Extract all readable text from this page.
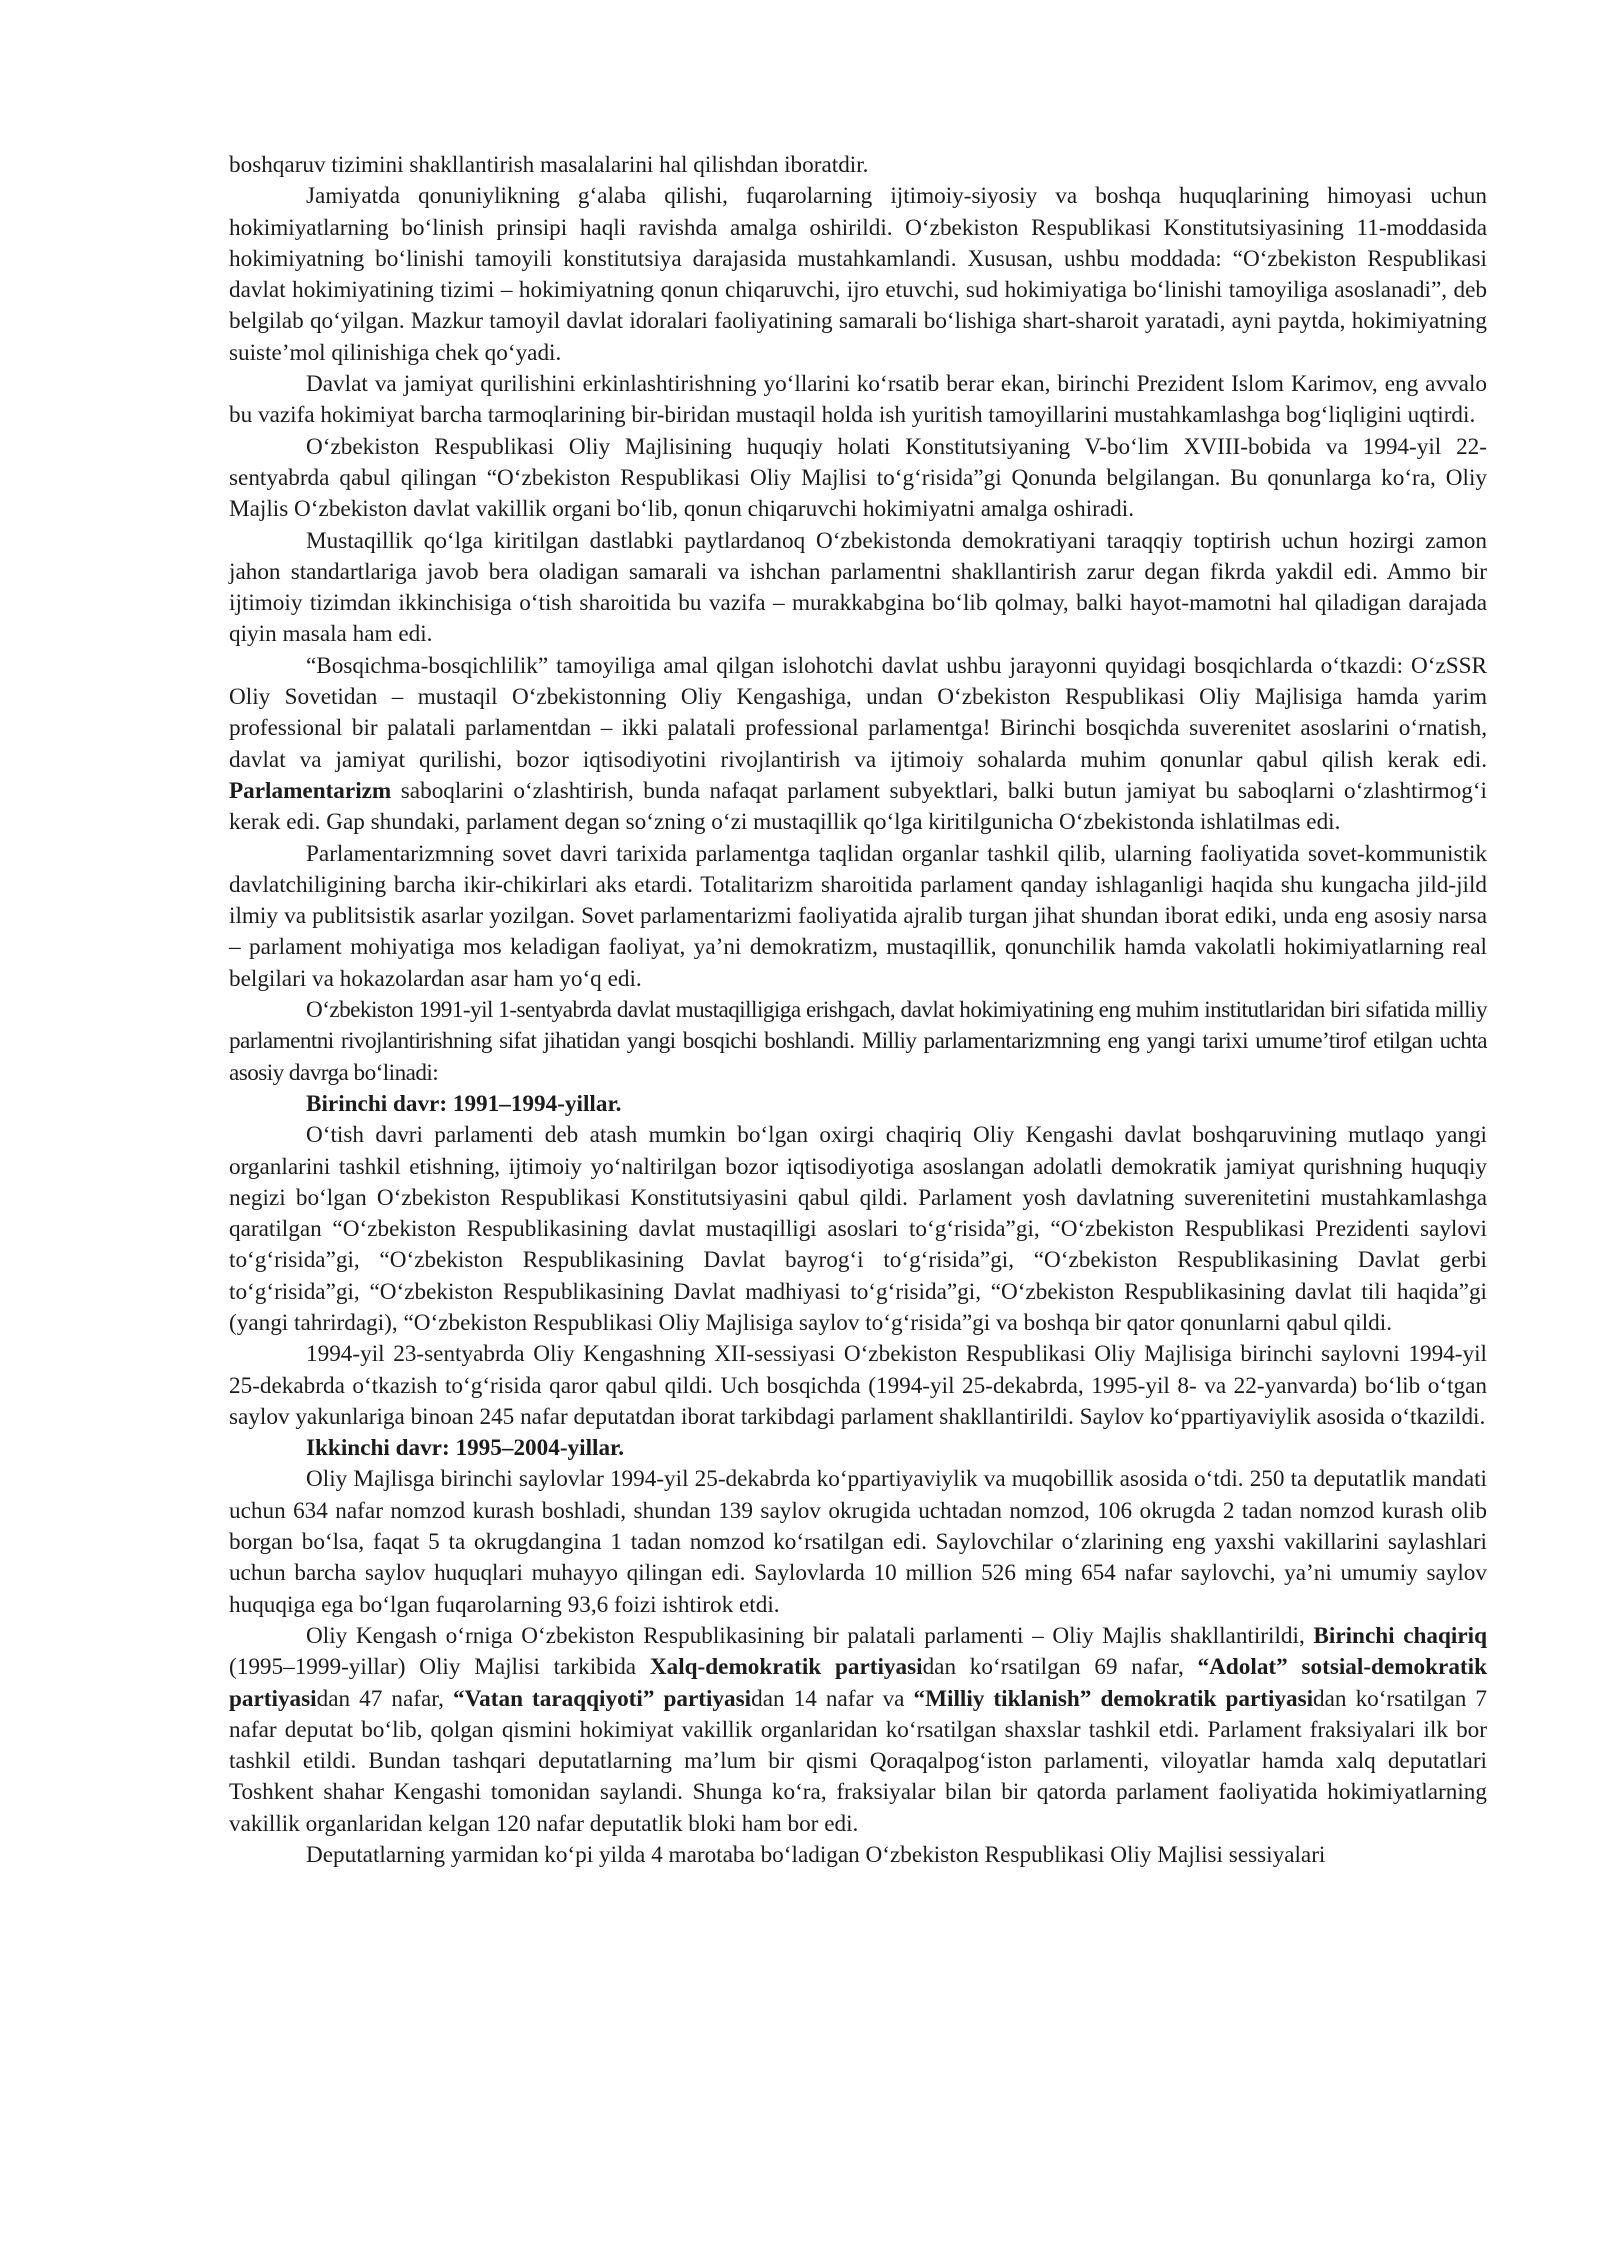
boshqaruv tizimini shakllantirish masalalarini hal qilishdan iboratdir.

Jamiyatda qonuniylikning g‘alaba qilishi, fuqarolarning ijtimoiy-siyosiy va boshqa huquqlarining himoyasi uchun hokimiyatlarning bo‘linish prinsipi haqli ravishda amalga oshirildi. O‘zbekiston Respublikasi Konstitutsiyasining 11-moddasida hokimiyatning bo‘linishi tamoyili konstitutsiya darajasida mustahkamlandi. Xususan, ushbu moddada: “O‘zbekiston Respublikasi davlat hokimiyatining tizimi – hokimiyatning qonun chiqaruvchi, ijro etuvchi, sud hokimiyatiga bo‘linishi tamoyiliga asoslanadi”, deb belgilab qo‘yilgan. Mazkur tamoyil davlat idoralari faoliyatining samarali bo‘lishiga shart-sharoit yaratadi, ayni paytda, hokimiyatning suiste’mol qilinishiga chek qo‘yadi.

Davlat va jamiyat qurilishini erkinlashtirishning yo‘llarini ko‘rsatib berar ekan, birinchi Prezident Islom Karimov, eng avvalo bu vazifa hokimiyat barcha tarmoqlarining bir-biridan mustaqil holda ish yuritish tamoyillarini mustahkamlashga bog‘liqligini uqtirdi.

O‘zbekiston Respublikasi Oliy Majlisining huquqiy holati Konstitutsiyaning V-bo‘lim XVIII-bobida va 1994-yil 22-sentyabrda qabul qilingan “O‘zbekiston Respublikasi Oliy Majlisi to‘g‘risida”gi Qonunda belgilangan. Bu qonunlarga ko‘ra, Oliy Majlis O‘zbekiston davlat vakillik organi bo‘lib, qonun chiqaruvchi hokimiyatni amalga oshiradi.

Mustaqillik qo‘lga kiritilgan dastlabki paytlardanoq O‘zbekistonda demokratiyani taraqqiy toptirish uchun hozirgi zamon jahon standartlariga javob bera oladigan samarali va ishchan parlamentni shakllantirish zarur degan fikrda yakdil edi. Ammo bir ijtimoiy tizimdan ikkinchisiga o‘tish sharoitida bu vazifa – murakkabgina bo‘lib qolmay, balki hayot-mamotni hal qiladigan darajada qiyin masala ham edi.

“Bosqichma-bosqichlilik” tamoyiliga amal qilgan islohotchi davlat ushbu jarayonni quyidagi bosqichlarda o‘tkazdi: O‘zSSR Oliy Sovetidan – mustaqil O‘zbekistonning Oliy Kengashiga, undan O‘zbekiston Respublikasi Oliy Majlisiga hamda yarim professional bir palatali parlamentdan – ikki palatali professional parlamentga! Birinchi bosqichda suverenitet asoslarini o‘rnatish, davlat va jamiyat qurilishi, bozor iqtisodiyotini rivojlantirish va ijtimoiy sohalarda muhim qonunlar qabul qilish kerak edi. Parlamentarizm saboqlarini o‘zlashtirish, bunda nafaqat parlament subyektlari, balki butun jamiyat bu saboqlarni o‘zlashtirmog‘i kerak edi. Gap shundaki, parlament degan so‘zning o‘zi mustaqillik qo‘lga kiritilgunicha O‘zbekistonda ishlatilmas edi.

Parlamentarizmning sovet davri tarixida parlamentga taqlidan organlar tashkil qilib, ularning faoliyatida sovet-kommunistik davlatchiligining barcha ikir-chikirlari aks etardi. Totalitarizm sharoitida parlament qanday ishlaganligi haqida shu kungacha jild-jild ilmiy va publitsistik asarlar yozilgan. Sovet parlamentarizmi faoliyatida ajralib turgan jihat shundan iborat ediki, unda eng asosiy narsa – parlament mohiyatiga mos keladigan faoliyat, ya’ni demokratizm, mustaqillik, qonunchilik hamda vakolatli hokimiyatlarning real belgilari va hokazolardan asar ham yo‘q edi.

O‘zbekiston 1991-yil 1-sentyabrda davlat mustaqilligiga erishgach, davlat hokimiyatining eng muhim institutlaridan biri sifatida milliy parlamentni rivojlantirishning sifat jihatidan yangi bosqichi boshlandi. Milliy parlamentarizmning eng yangi tarixi umume’tirof etilgan uchta asosiy davrga bo‘linadi:

Birinchi davr: 1991–1994-yillar.

O‘tish davri parlamenti deb atash mumkin bo‘lgan oxirgi chaqiriq Oliy Kengashi davlat boshqaruvining mutlaqo yangi organlarini tashkil etishning, ijtimoiy yo‘naltirilgan bozor iqtisodiyotiga asoslangan adolatli demokratik jamiyat qurishning huquqiy negizi bo‘lgan O‘zbekiston Respublikasi Konstitutsiyasini qabul qildi. Parlament yosh davlatning suverenitetini mustahkamlashga qaratilgan “O‘zbekiston Respublikasining davlat mustaqilligi asoslari to‘g‘risida”gi, “O‘zbekiston Respublikasi Prezidenti saylovi to‘g‘risida”gi, “O‘zbekiston Respublikasining Davlat bayrog‘i to‘g‘risida”gi, “O‘zbekiston Respublikasining Davlat gerbi to‘g‘risida”gi, “O‘zbekiston Respublikasining Davlat madhiyasi to‘g‘risida”gi, “O‘zbekiston Respublikasining davlat tili haqida”gi (yangi tahrirdagi), “O‘zbekiston Respublikasi Oliy Majlisiga saylov to‘g‘risida”gi va boshqa bir qator qonunlarni qabul qildi.

1994-yil 23-sentyabrda Oliy Kengashning XII-sessiyasi O‘zbekiston Respublikasi Oliy Majlisiga birinchi saylovni 1994-yil 25-dekabrda o‘tkazish to‘g‘risida qaror qabul qildi. Uch bosqichda (1994-yil 25-dekabrda, 1995-yil 8- va 22-yanvarda) bo‘lib o‘tgan saylov yakunlariga binoan 245 nafar deputatdan iborat tarkibdagi parlament shakllantirildi. Saylov ko‘ppartiyaviylik asosida o‘tkazildi.

Ikkinchi davr: 1995–2004-yillar.

Oliy Majlisga birinchi saylovlar 1994-yil 25-dekabrda ko‘ppartiyaviylik va muqobillik asosida o‘tdi. 250 ta deputatlik mandati uchun 634 nafar nomzod kurash boshladi, shundan 139 saylov okrugida uchtadan nomzod, 106 okrugda 2 tadan nomzod kurash olib borgan bo‘lsa, faqat 5 ta okrugdangina 1 tadan nomzod ko‘rsatilgan edi. Saylovchilar o‘zlarining eng yaxshi vakillarini saylashlari uchun barcha saylov huquqlari muhayyo qilingan edi. Saylovlarda 10 million 526 ming 654 nafar saylovchi, ya’ni umumiy saylov huquqiga ega bo‘lgan fuqarolarning 93,6 foizi ishtirok etdi.

Oliy Kengash o‘rniga O‘zbekiston Respublikasining bir palatali parlamenti – Oliy Majlis shakllantirildi, Birinchi chaqiriq (1995–1999-yillar) Oliy Majlisi tarkibida Xalq-demokratik partiyasidan ko‘rsatilgan 69 nafar, “Adolat” sotsial-demokratik partiyasidan 47 nafar, “Vatan taraqqiyoti” partiyasidan 14 nafar va “Milliy tiklanish” demokratik partiyasidan ko‘rsatilgan 7 nafar deputat bo‘lib, qolgan qismini hokimiyat vakillik organlaridan ko‘rsatilgan shaxslar tashkil etdi. Parlament fraksiyalari ilk bor tashkil etildi. Bundan tashqari deputatlarning ma’lum bir qismi Qoraqalpog‘iston parlamenti, viloyatlar hamda xalq deputatlari Toshkent shahar Kengashi tomonidan saylandi. Shunga ko‘ra, fraksiyalar bilan bir qatorda parlament faoliyatida hokimiyatlarning vakillik organlaridan kelgan 120 nafar deputatlik bloki ham bor edi.

Deputatlarning yarmidan ko‘pi yilda 4 marotaba bo‘ladigan O‘zbekiston Respublikasi Oliy Majlisi sessiyalari
